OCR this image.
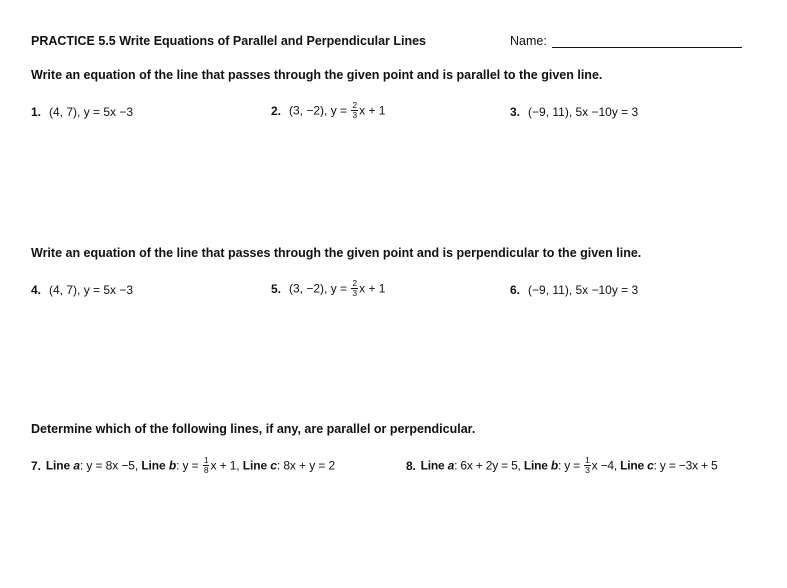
PRACTICE 5.5 Write Equations of Parallel and Perpendicular Lines	Name:
Write an equation of the line that passes through the given point and is parallel to the given line.
1. (4, 7), y = 5x −3	2. (3, −2), $y = \frac{2}{3}$ x + 1	3. (−9, 11), 5x −10y = 3
Write an equation of the line that passes through the given point and is perpendicular to the given line.
4. (4, 7), y = 5x −3	5. (3, −2), $y = \frac{2}{3}$ x + 1	6. (−9, 11), 5x −10y = 3
Determine which of the following lines, if any, are parallel or perpendicular.
7. Line a: y = 8x −5, Line b: $y = \frac{1}{8}$ x + 1, Line c: 8x + y = 2	8. Line a: 6x + 2y = 5, Line b: $y = \frac{1}{3}$ x −4, Line c: y = −3x + 5
